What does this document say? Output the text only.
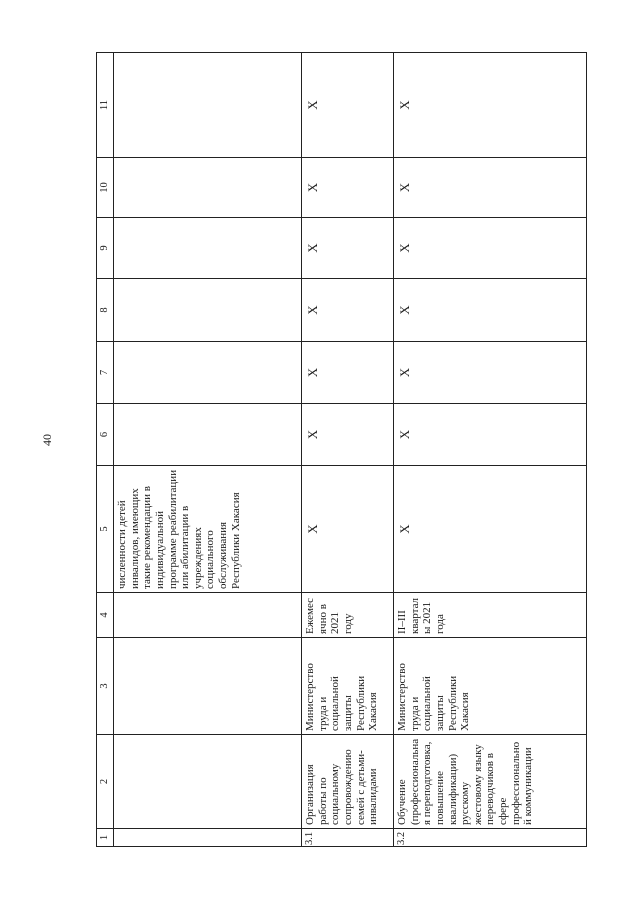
40
1	2	3	4	5	6	7	8	9	10	11

				численности детей инвалидов, имеющих такие рекомендации в индивидуальной программе реабилитации или абилитации в учреждениях социального обслуживания Республики Хакасия						

3.1	Организация работы по социальному сопровождению семей с детьми-инвалидами	Министерство труда и социальной защиты Республики Хакасия	Ежемесячно в 2021 году	Х	Х	Х	Х	Х	Х	Х
3.2	Обучение (профессиональная переподготовка, повышение квалификации) русскому жестовому языку переводчиков в сфере профессиональной коммуникации	Министерство труда и социальной защиты Республики Хакасия	II–III кварталы 2021 года	Х	Х	Х	Х	Х	Х	Х
